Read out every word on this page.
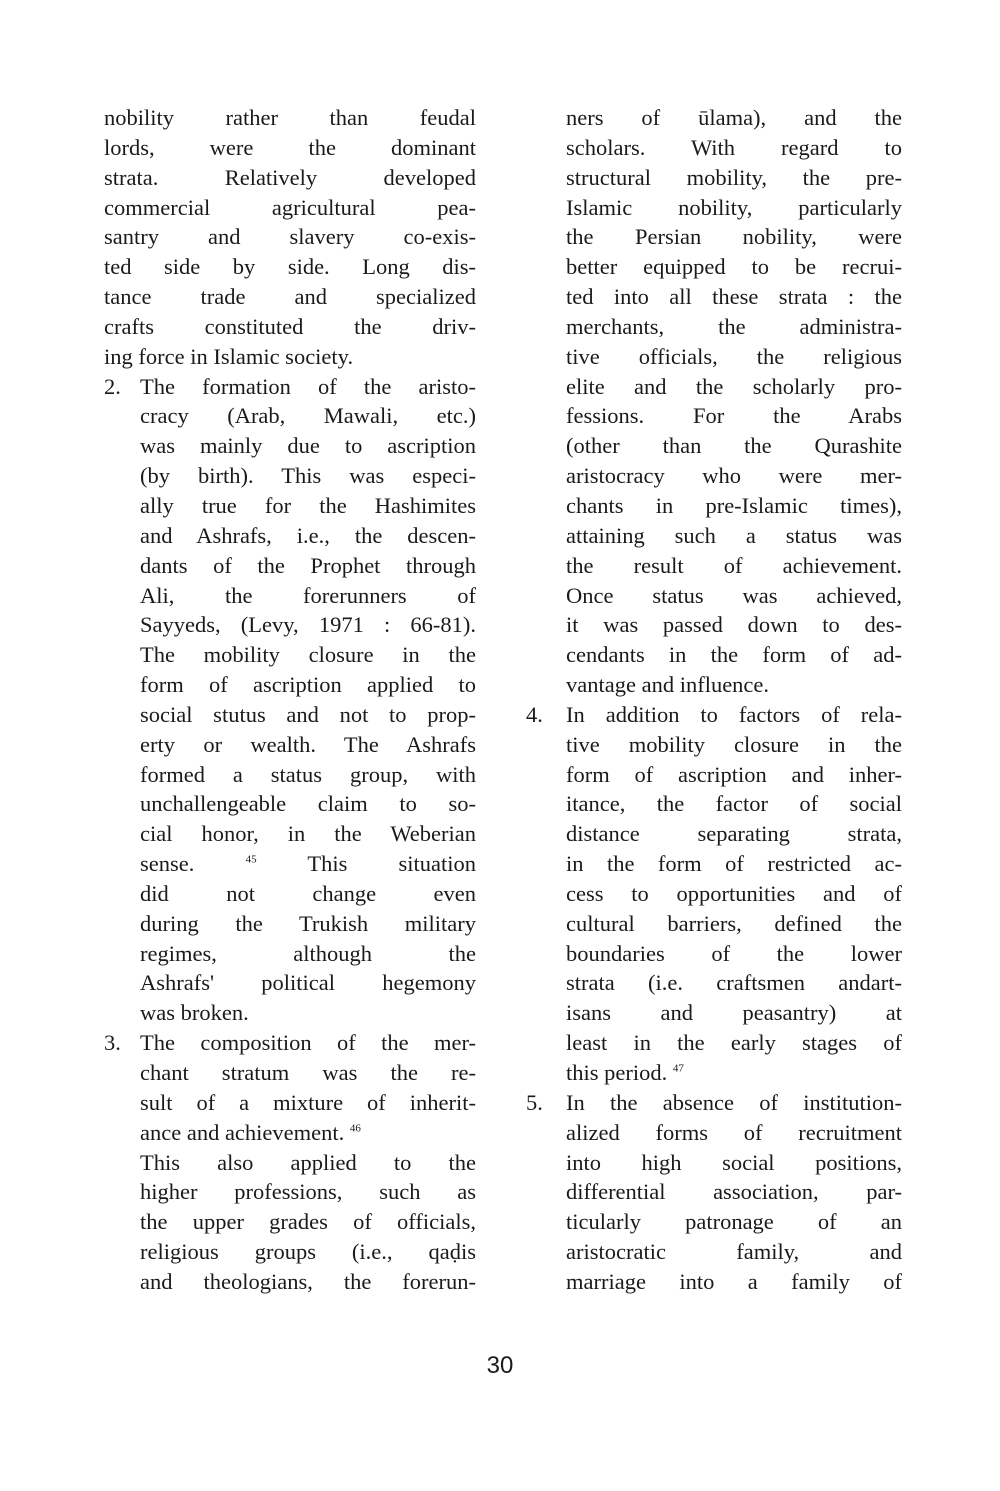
nobility rather than feudal
lords, were the dominant
strata. Relatively developed
commercial agricultural pea-
santry and slavery co-exis-
ted side by side. Long dis-
tance trade and specialized
crafts constituted the driv-
ing force in Islamic society.
2. The formation of the aristo-
cracy (Arab, Mawali, etc.)
was mainly due to ascription
(by birth). This was especi-
ally true for the Hashimites
and Ashrafs, i.e., the descen-
dants of the Prophet through
Ali, the forerunners of
Sayyeds, (Levy, 1971 : 66-81).
The mobility closure in the
form of ascription applied to
social stutus and not to prop-
erty or wealth. The Ashrafs
formed a status group, with
unchallengeable claim to so-
cial honor, in the Weberian
sense.	$^{45}$ This situation
did not change even
during the Trukish military
regimes, although the
Ashrafs' political hegemony
was broken.
3. The composition of the mer-
chant stratum was the re-
sult of a mixture of inherit-
ance and achievement. $^{46}$
This also applied to the
higher professions, such as
the upper grades of officials,
religious groups (i.e., qaḍis
and theologians, the forerun-
ners of ūlama), and the
scholars. With regard to
structural mobility, the pre-
Islamic nobility, particularly
the Persian nobility, were
better equipped to be recrui-
ted into all these strata : the
merchants, the administra-
tive officials, the religious
elite and the scholarly pro-
fessions. For the Arabs
(other than the Qurashite
aristocracy who were mer-
chants in pre-Islamic times),
attaining such a status was
the result of achievement.
Once status was achieved,
it was passed down to des-
cendants in the form of ad-
vantage and influence.
4. In addition to factors of rela-
tive mobility closure in the
form of ascription and inher-
itance, the factor of social
distance separating strata,
in the form of restricted ac-
cess to opportunities and of
cultural barriers, defined the
boundaries of the lower
strata (i.e. craftsmen andart-
isans and peasantry) at
least in the early stages of
this period. $^{47}$
5. In the absence of institution-
alized forms of recruitment
into high social positions,
differential association, par-
ticularly patronage of an
aristocratic family, and
marriage into a family of
30
